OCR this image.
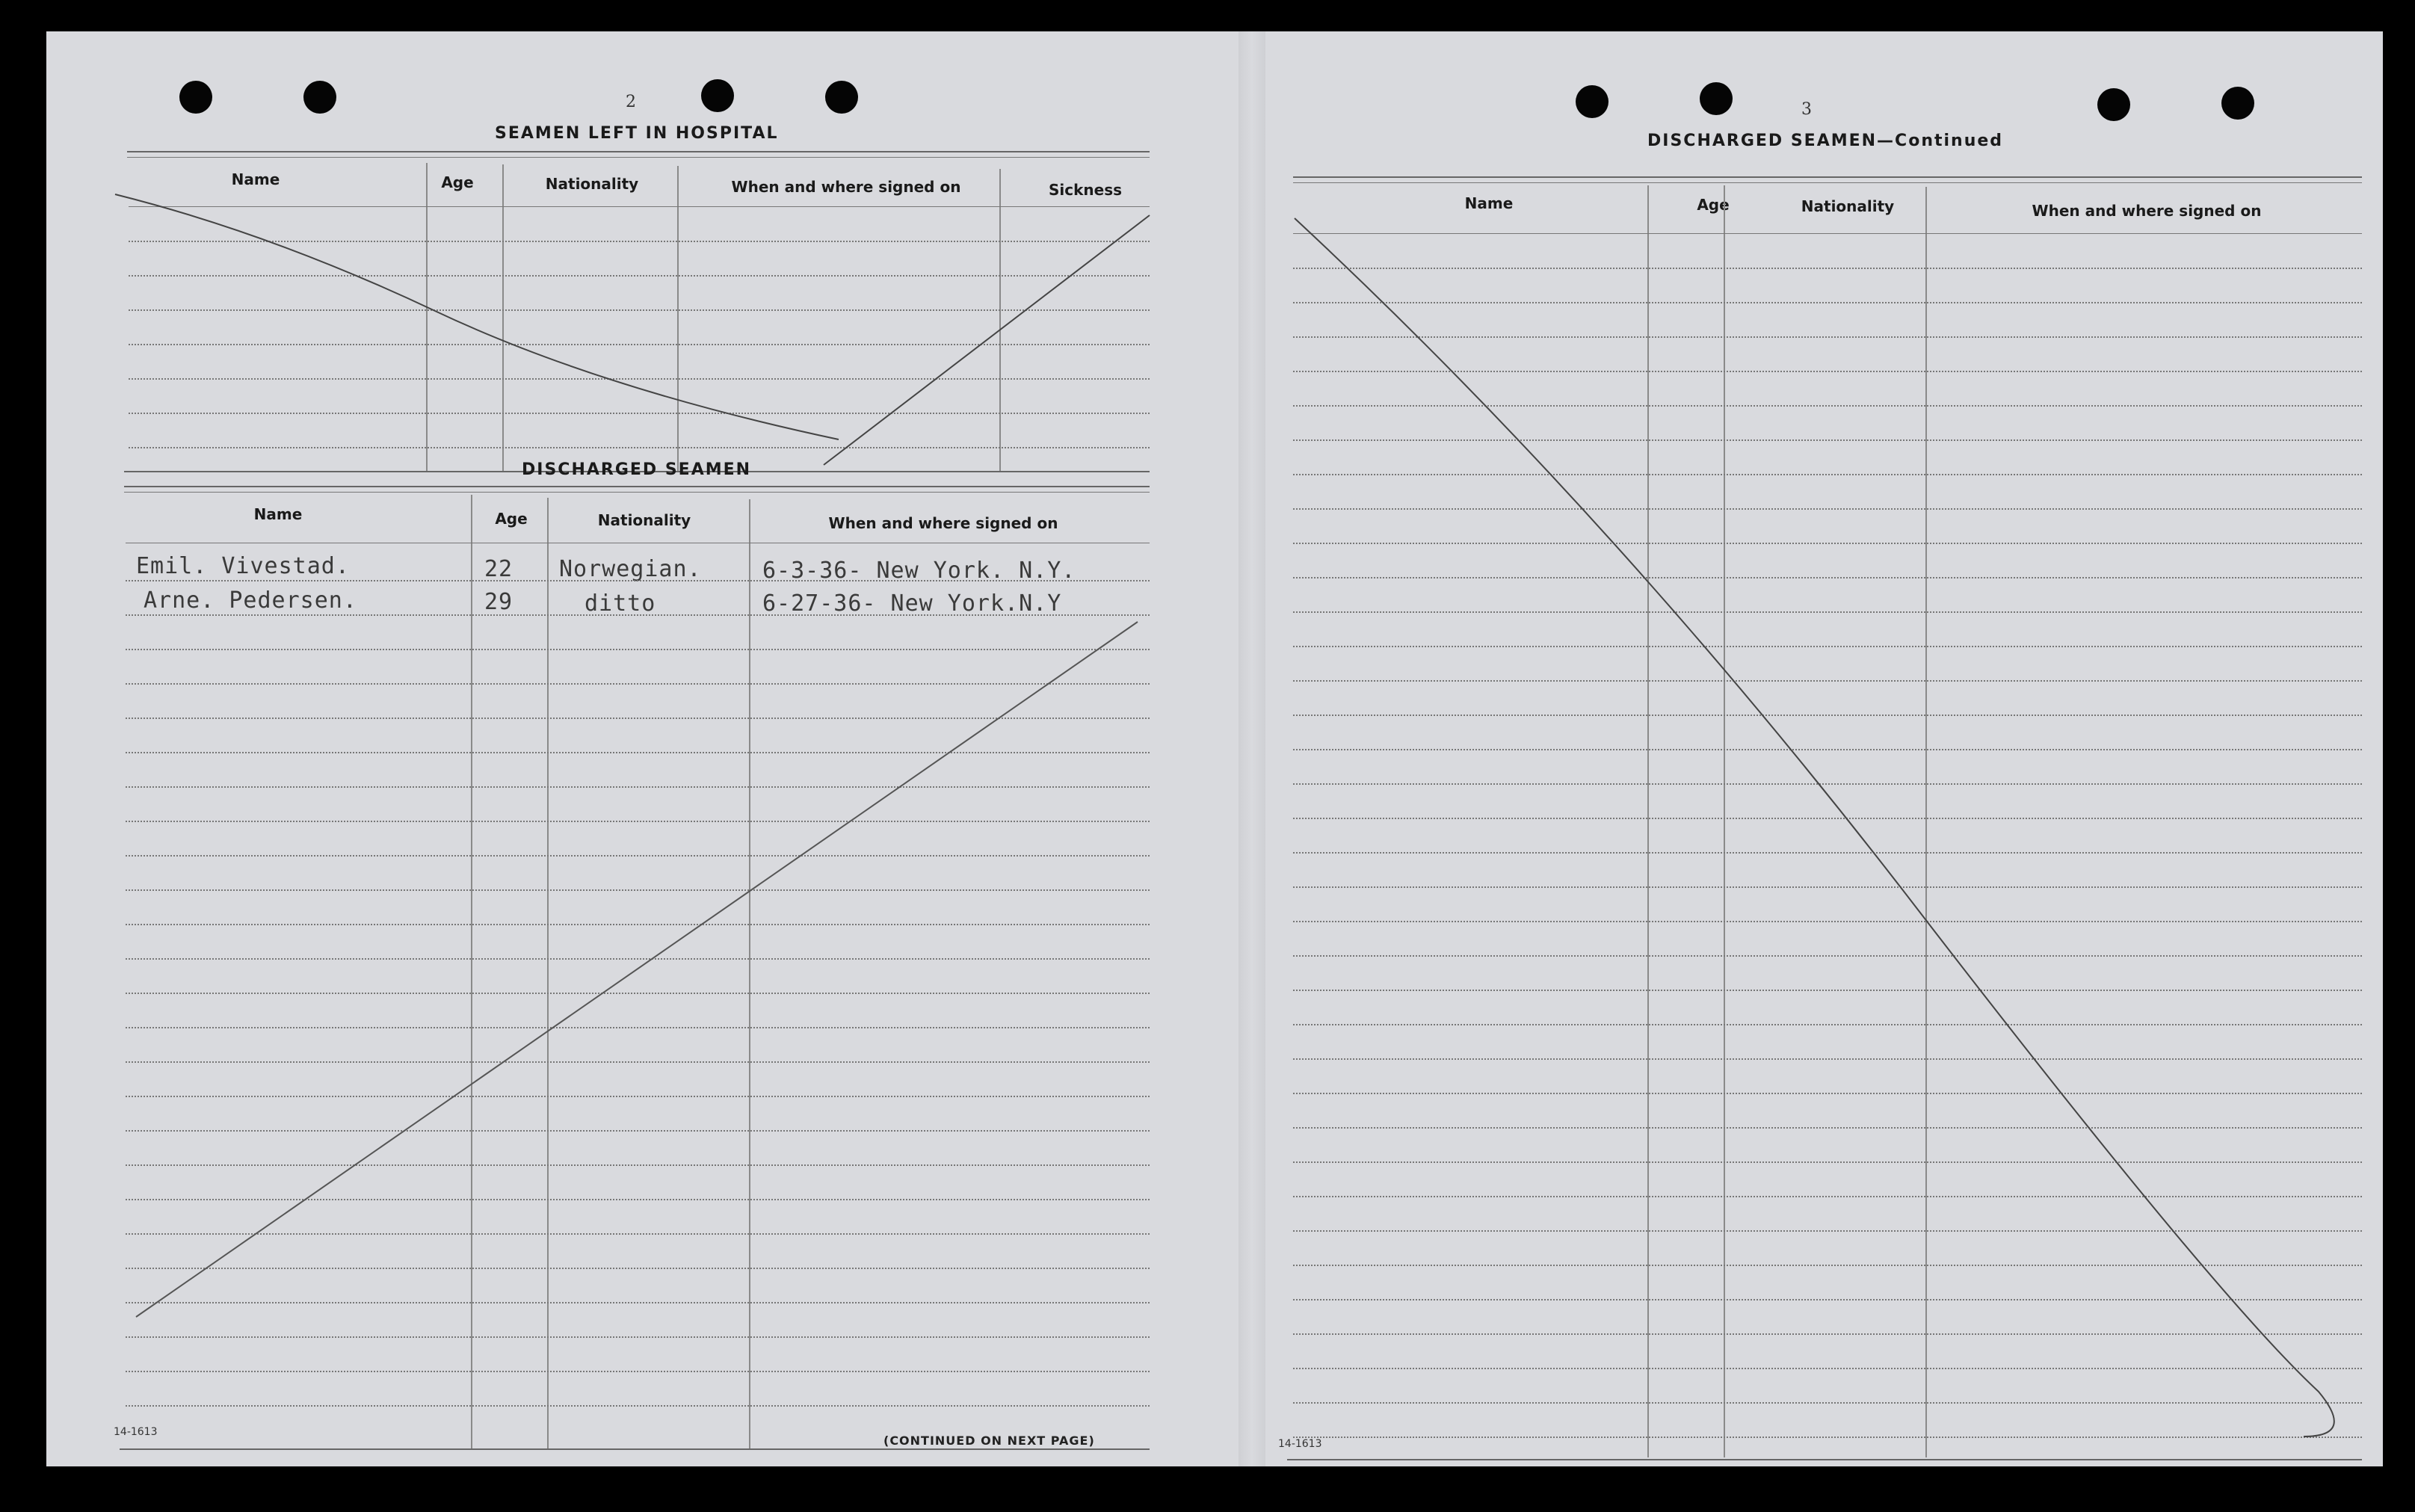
2
SEAMEN LEFT IN HOSPITAL
Name	Age	Nationality	When and where signed on	Sickness
DISCHARGED SEAMEN
Name	Age	Nationality	When and where signed on
Emil. Vivestad.	22 Norwegian.	6-3-36- New York. N.Y.
Arne. Pedersen.	29	ditto	6-27-36- New York.N.Y
14-1613
(CONTINUED ON NEXT PAGE)
3
DISCHARGED SEAMEN—Continued
Name	Age	Nationality	When and where signed on
14-1613
